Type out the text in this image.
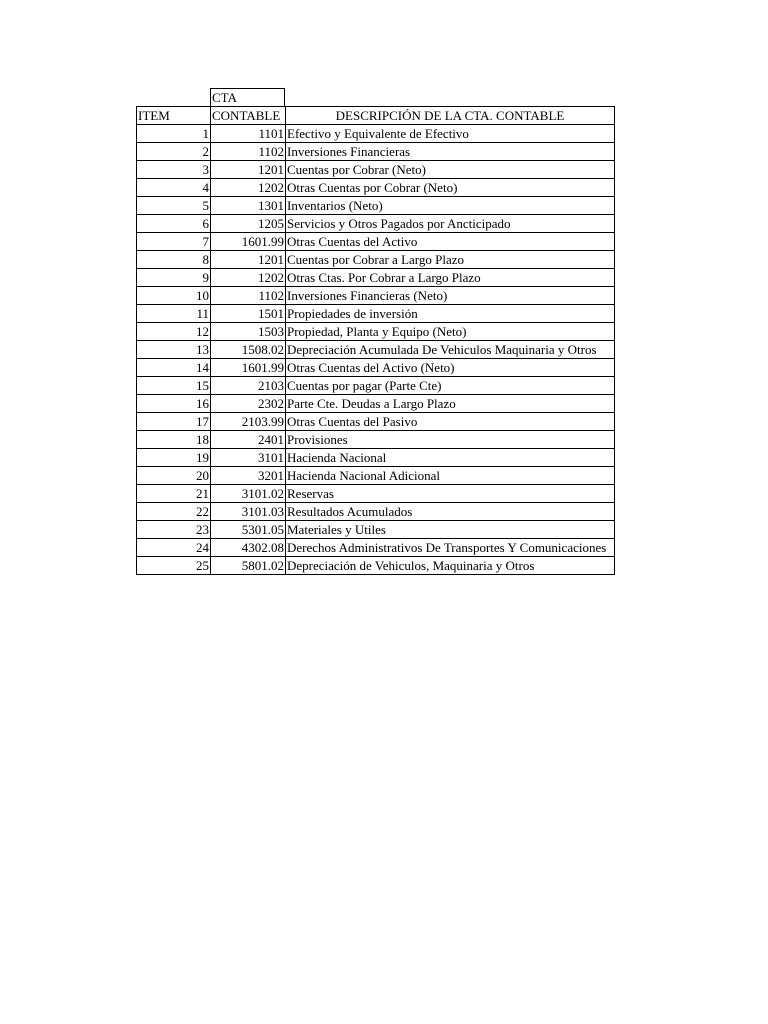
CTA
ITEM	CONTABLE	DESCRIPCIÓN DE LA CTA. CONTABLE
1	1101	Efectivo y Equivalente de Efectivo
2	1102	Inversiones Financieras
3	1201	Cuentas por Cobrar (Neto)
4	1202	Otras Cuentas por Cobrar (Neto)
5	1301	Inventarios (Neto)
6	1205	Servicios y Otros Pagados por Ancticipado
7	1601.99	Otras Cuentas del Activo
8	1201	Cuentas por Cobrar a Largo Plazo
9	1202	Otras Ctas. Por Cobrar a Largo Plazo
10	1102	Inversiones Financieras (Neto)
11	1501	Propiedades de inversión
12	1503	Propiedad, Planta y Equipo (Neto)
13	1508.02	Depreciación Acumulada De Vehiculos Maquinaria y Otros
14	1601.99	Otras Cuentas del Activo (Neto)
15	2103	Cuentas por pagar (Parte Cte)
16	2302	Parte Cte. Deudas a Largo Plazo
17	2103.99	Otras Cuentas del Pasivo
18	2401	Provisiones
19	3101	Hacienda Nacional
20	3201	Hacienda Nacional Adicional
21	3101.02	Reservas
22	3101.03	Resultados Acumulados
23	5301.05	Materiales y Utiles
24	4302.08	Derechos Administrativos De Transportes Y Comunicaciones
25	5801.02	Depreciación de Vehiculos, Maquinaria y Otros
